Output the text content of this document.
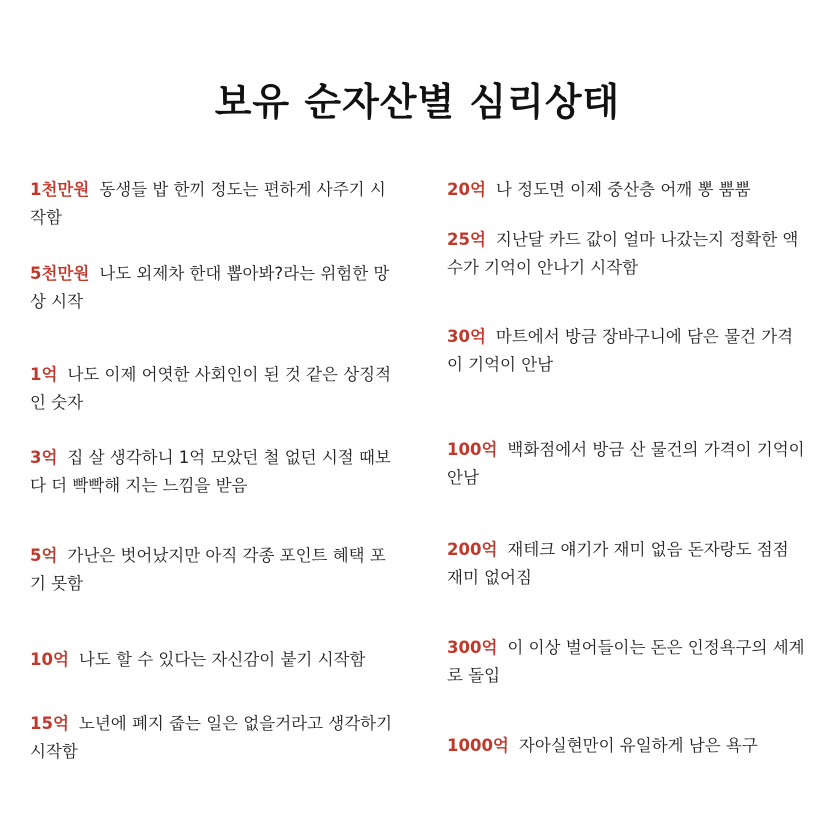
보유 순자산별 심리상태
1천만원 동생들 밥 한끼 정도는 편하게 사주기 시작함
5천만원 나도 외제차 한대 뽑아봐?라는 위험한 망상 시작
1억 나도 이제 어엿한 사회인이 된 것 같은 상징적인 숫자
3억 집 살 생각하니 1억 모았던 철 없던 시절 때보다 더 빡빡해 지는 느낌을 받음
5억 가난은 벗어났지만 아직 각종 포인트 혜택 포기 못함
10억 나도 할 수 있다는 자신감이 붙기 시작함
15억 노년에 폐지 줍는 일은 없을거라고 생각하기 시작함
20억 나 정도면 이제 중산층 어깨 뽕 뿜뿜
25억 지난달 카드 값이 얼마 나갔는지 정확한 액수가 기억이 안나기 시작함
30억 마트에서 방금 장바구니에 담은 물건 가격이 기억이 안남
100억 백화점에서 방금 산 물건의 가격이 기억이 안남
200억 재테크 얘기가 재미 없음 돈자랑도 점점 재미 없어짐
300억 이 이상 벌어들이는 돈은 인정욕구의 세계로 돌입
1000억 자아실현만이 유일하게 남은 욕구
